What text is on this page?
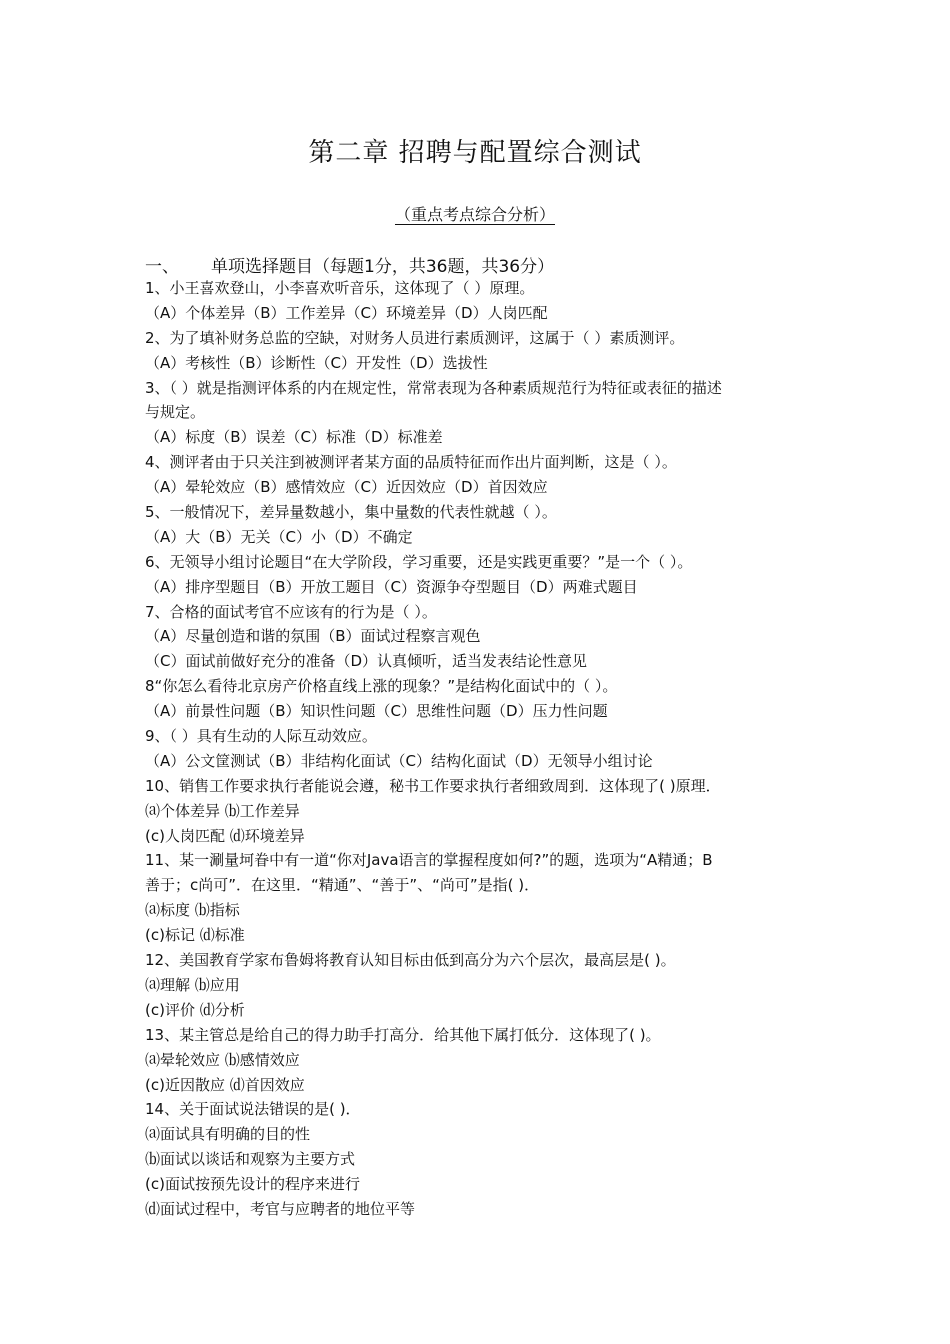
第二章 招聘与配置综合测试
（重点考点综合分析）
一、 单项选择题目（每题1分，共36题，共36分）
1、小王喜欢登山，小李喜欢听音乐，这体现了（ ）原理。
（A）个体差异（B）工作差异（C）环境差异（D）人岗匹配
2、为了填补财务总监的空缺，对财务人员进行素质测评，这属于（ ）素质测评。
（A）考核性（B）诊断性（C）开发性（D）选拔性
3、（ ）就是指测评体系的内在规定性，常常表现为各种素质规范行为特征或表征的描述
与规定。
（A）标度（B）误差（C）标准（D）标准差
4、测评者由于只关注到被测评者某方面的品质特征而作出片面判断，这是（ ）。
（A）晕轮效应（B）感情效应（C）近因效应（D）首因效应
5、一般情况下，差异量数越小，集中量数的代表性就越（ ）。
（A）大（B）无关（C）小（D）不确定
6、无领导小组讨论题目“在大学阶段，学习重要，还是实践更重要？”是一个（ ）。
（A）排序型题目（B）开放工题目（C）资源争夺型题目（D）两难式题目
7、合格的面试考官不应该有的行为是（ ）。
（A）尽量创造和谐的氛围（B）面试过程察言观色
（C）面试前做好充分的准备（D）认真倾听，适当发表结论性意见
8“你怎么看待北京房产价格直线上涨的现象？”是结构化面试中的（ ）。
（A）前景性问题（B）知识性问题（C）思维性问题（D）压力性问题
9、（ ）具有生动的人际互动效应。
（A）公文筐测试（B）非结构化面试（C）结构化面试（D）无领导小组讨论
10、销售工作要求执行者能说会遵，秘书工作要求执行者细致周到．这体现了( )原理．
⒜个体差异 ⒝工作差异
(c)人岗匹配 ⒟环境差异
11、某一涮量坷眷中有一道“你对Java语言的掌握程度如何?”的题，选项为“A精通；B
善于；c尚可”．在这里．“精通”、“善于”、“尚可”是指( )．
⒜标度 ⒝指标
(c)标记 ⒟标准
12、美国教育学家布鲁姆将教育认知目标由低到高分为六个层次，最高层是( )。
⒜理解 ⒝应用
(c)评价 ⒟分析
13、某主管总是给自己的得力助手打高分．给其他下属打低分．这体现了( )。
⒜晕轮效应 ⒝感情效应
(c)近因散应 ⒟首因效应
14、关于面试说法错误的是( )．
⒜面试具有明确的目的性
⒝面试以谈话和观察为主要方式
(c)面试按预先设计的程序来进行
⒟面试过程中，考官与应聘者的地位平等
